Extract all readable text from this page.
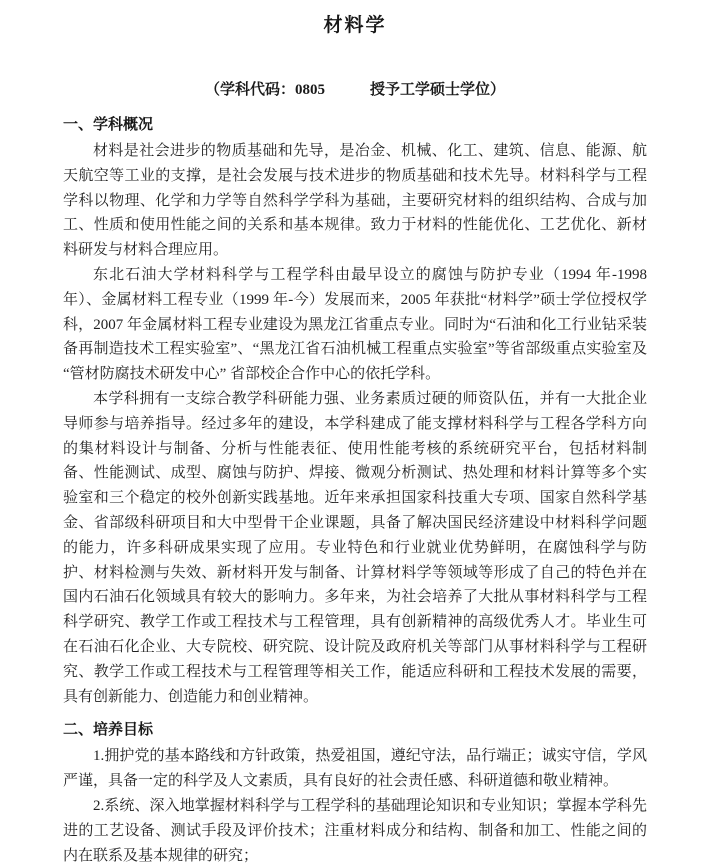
材料学
（学科代码：0805	授予工学硕士学位）
一、学科概况

材料是社会进步的物质基础和先导，是冶金、机械、化工、建筑、信息、能源、航天航空等工业的支撑，是社会发展与技术进步的物质基础和技术先导。材料科学与工程学科以物理、化学和力学等自然科学学科为基础，主要研究材料的组织结构、合成与加工、性质和使用性能之间的关系和基本规律。致力于材料的性能优化、工艺优化、新材料研发与材料合理应用。

东北石油大学材料科学与工程学科由最早设立的腐蚀与防护专业（1994 年-1998 年）、金属材料工程专业（1999 年-今）发展而来，2005 年获批“材料学”硕士学位授权学科，2007 年金属材料工程专业建设为黑龙江省重点专业。同时为“石油和化工行业钻采装备再制造技术工程实验室”、“黑龙江省石油机械工程重点实验室”等省部级重点实验室及 “管材防腐技术研发中心” 省部校企合作中心的依托学科。

本学科拥有一支综合教学科研能力强、业务素质过硬的师资队伍，并有一大批企业导师参与培养指导。经过多年的建设，本学科建成了能支撑材料科学与工程各学科方向的集材料设计与制备、分析与性能表征、使用性能考核的系统研究平台，包括材料制备、性能测试、成型、腐蚀与防护、焊接、微观分析测试、热处理和材料计算等多个实验室和三个稳定的校外创新实践基地。近年来承担国家科技重大专项、国家自然科学基金、省部级科研项目和大中型骨干企业课题，具备了解决国民经济建设中材料科学问题的能力，许多科研成果实现了应用。专业特色和行业就业优势鲜明，在腐蚀科学与防护、材料检测与失效、新材料开发与制备、计算材料学等领域等形成了自己的特色并在国内石油石化领域具有较大的影响力。多年来，为社会培养了大批从事材料科学与工程科学研究、教学工作或工程技术与工程管理，具有创新精神的高级优秀人才。毕业生可在石油石化企业、大专院校、研究院、设计院及政府机关等部门从事材料科学与工程研究、教学工作或工程技术与工程管理等相关工作，能适应科研和工程技术发展的需要，具有创新能力、创造能力和创业精神。

二、培养目标

1.拥护党的基本路线和方针政策，热爱祖国，遵纪守法，品行端正；诚实守信，学风严谨，具备一定的科学及人文素质，具有良好的社会责任感、科研道德和敬业精神。

2.系统、深入地掌握材料科学与工程学科的基础理论知识和专业知识；掌握本学科先进的工艺设备、测试手段及评价技术；注重材料成分和结构、制备和加工、性能之间的内在联系及基本规律的研究；
